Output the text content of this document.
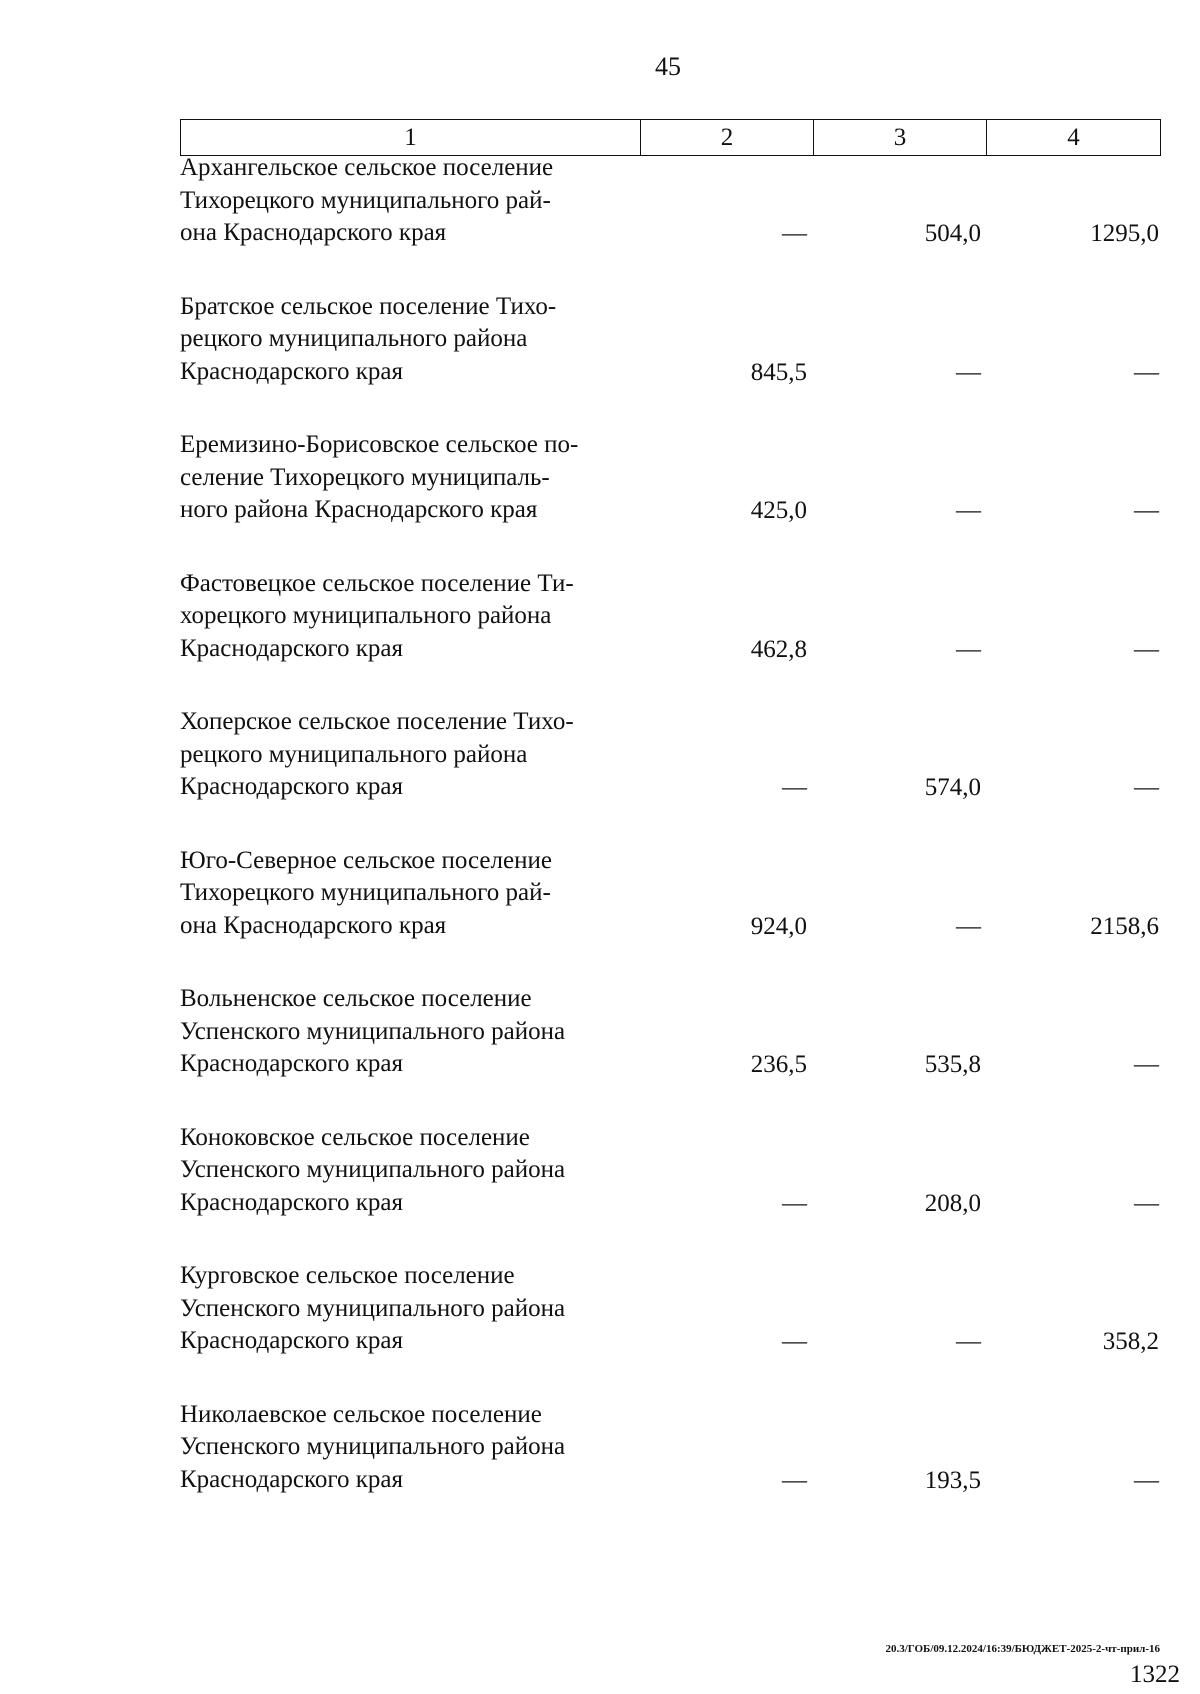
45
1	2	3	4
Архангельское сельское поселение
Тихорецкого муниципального рай-
она Краснодарского края	—	504,0	1295,0
Братское сельское поселение Тихо-
рецкого муниципального района
Краснодарского края	845,5	—	—
Еремизино-Борисовское сельское по-
селение Тихорецкого муниципаль-
ного района Краснодарского края	425,0	—	—
Фастовецкое сельское поселение Ти-
хорецкого муниципального района
Краснодарского края	462,8	—	—
Хоперское сельское поселение Тихо-
рецкого муниципального района
Краснодарского края	—	574,0	—
Юго-Северное сельское поселение
Тихорецкого муниципального рай-
она Краснодарского края	924,0	—	2158,6
Вольненское сельское поселение
Успенского муниципального района
Краснодарского края	236,5	535,8	—
Коноковское сельское поселение
Успенского муниципального района
Краснодарского края	—	208,0	—
Курговское сельское поселение
Успенского муниципального района
Краснодарского края	—	—	358,2
Николаевское сельское поселение
Успенского муниципального района
Краснодарского края	—	193,5	—
20.3/ГОБ/09.12.2024/16:39/БЮДЖЕТ-2025-2-чт-прил-16
1322
